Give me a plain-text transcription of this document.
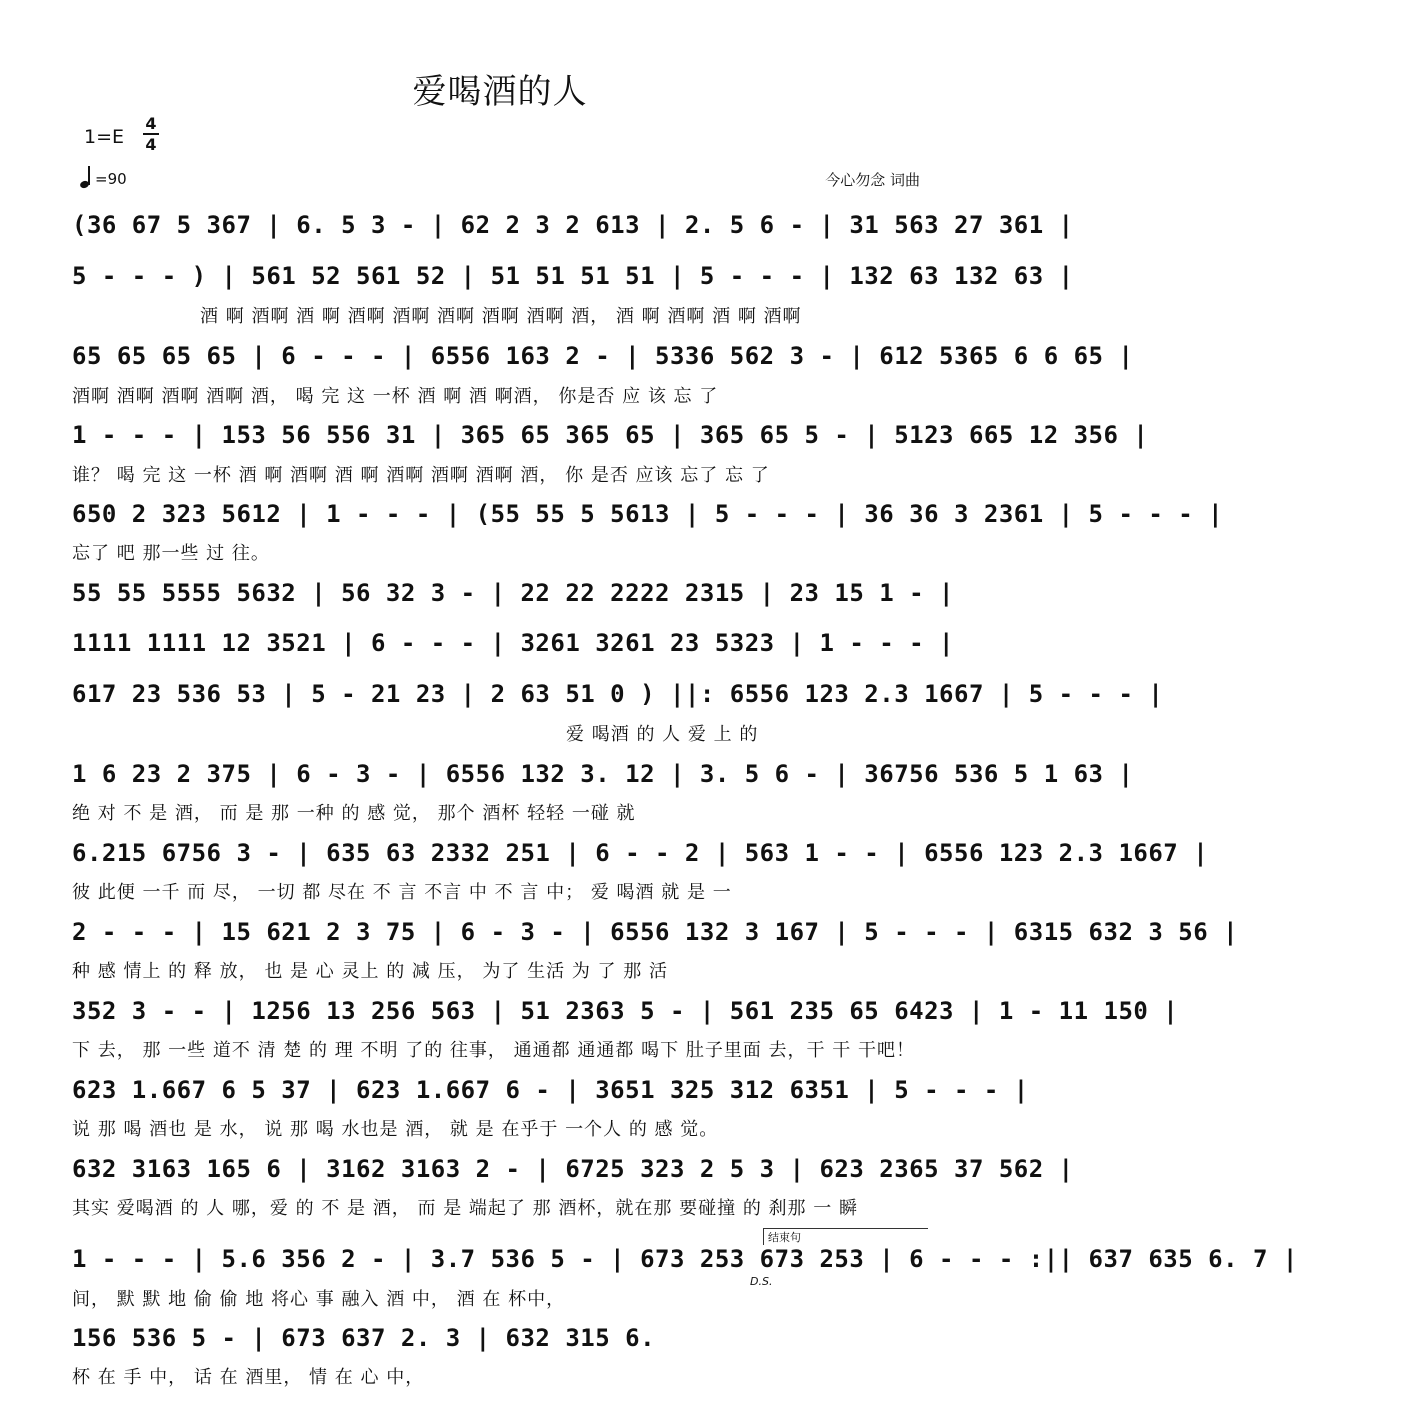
爱喝酒的人
1=E
4
4
=90	今心勿念 词曲
结束句
D.S.
(36 67 5 367 | 6. 5 3 - | 62 2 3 2 613 | 2. 5 6 - | 31 563 27 361 |
5 - - - ) | 561 52 561 52 | 51 51 51 51 | 5 - - - | 132 63 132 63 |
酒 啊 酒啊 酒 啊 酒啊 酒啊 酒啊 酒啊 酒啊 酒， 酒 啊 酒啊 酒 啊 酒啊
65 65 65 65 | 6 - - - | 6556 163 2 - | 5336 562 3 - | 612 5365 6 6 65 |
酒啊 酒啊 酒啊 酒啊 酒， 喝 完 这 一杯 酒 啊 酒 啊酒， 你是否 应 该 忘 了
1 - - - | 153 56 556 31 | 365 65 365 65 | 365 65 5 - | 5123 665 12 356 |
谁？ 喝 完 这 一杯 酒 啊 酒啊 酒 啊 酒啊 酒啊 酒啊 酒， 你 是否 应该 忘了 忘 了
650 2 323 5612 | 1 - - - | (55 55 5 5613 | 5 - - - | 36 36 3 2361 | 5 - - - |
忘了 吧 那一些 过 往。
55 55 5555 5632 | 56 32 3 - | 22 22 2222 2315 | 23 15 1 - |
1111 1111 12 3521 | 6 - - - | 3261 3261 23 5323 | 1 - - - |
617 23 536 53 | 5 - 21 23 | 2 63 51 0 ) ||: 6556 123 2.3 1667 | 5 - - - |
爱 喝酒 的 人 爱 上 的
1 6 23 2 375 | 6 - 3 - | 6556 132 3. 12 | 3. 5 6 - | 36756 536 5 1 63 |
绝 对 不 是 酒， 而 是 那 一种 的 感 觉， 那个 酒杯 轻轻 一碰 就
6.215 6756 3 - | 635 63 2332 251 | 6 - - 2 | 563 1 - - | 6556 123 2.3 1667 |
彼 此便 一千 而 尽， 一切 都 尽在 不 言 不言 中 不 言 中； 爱 喝酒 就 是 一
2 - - - | 15 621 2 3 75 | 6 - 3 - | 6556 132 3 167 | 5 - - - | 6315 632 3 56 |
种 感 情上 的 释 放， 也 是 心 灵上 的 减 压， 为了 生活 为 了 那 活
352 3 - - | 1256 13 256 563 | 51 2363 5 - | 561 235 65 6423 | 1 - 11 150 |
下 去， 那 一些 道不 清 楚 的 理 不明 了的 往事， 通通都 通通都 喝下 肚子里面 去，干 干 干吧！
623 1.667 6 5 37 | 623 1.667 6 - | 3651 325 312 6351 | 5 - - - |
说 那 喝 酒也 是 水， 说 那 喝 水也是 酒， 就 是 在乎于 一个人 的 感 觉。
632 3163 165 6 | 3162 3163 2 - | 6725 323 2 5 3 | 623 2365 37 562 |
其实 爱喝酒 的 人 哪，爱 的 不 是 酒， 而 是 端起了 那 酒杯，就在那 要碰撞 的 刹那 一 瞬
1 - - - | 5.6 356 2 - | 3.7 536 5 - | 673 253 673 253 | 6 - - - :|| 637 635 6. 7 |
间， 默 默 地 偷 偷 地 将心 事 融入 酒 中， 酒 在 杯中，
156 536 5 - | 673 637 2. 3 | 632 315 6.
杯 在 手 中， 话 在 酒里， 情 在 心 中，
